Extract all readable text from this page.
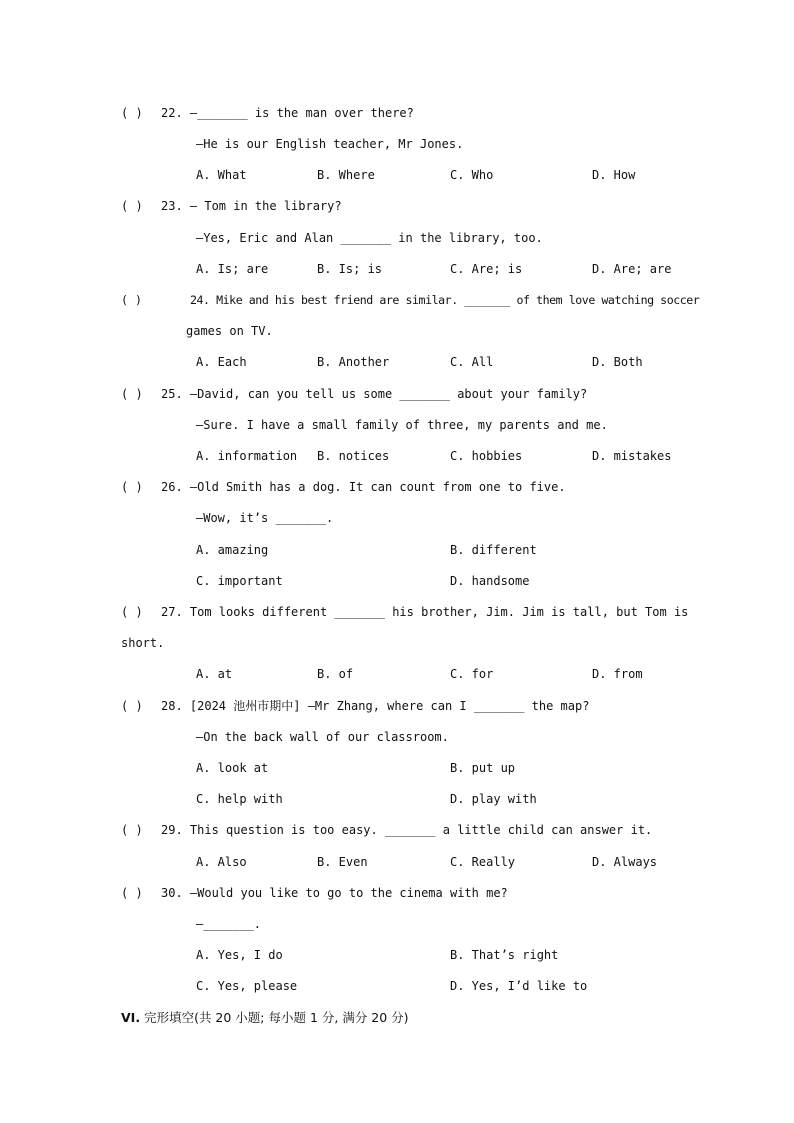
( ) 22. —_______ is the man over there?
—He is our English teacher, Mr Jones.
A. What	B. Where	C. Who	D. How
( ) 23. — Tom in the library?
—Yes, Eric and Alan _______ in the library, too.
A. Is; are	B. Is; is	C. Are; is	D. Are; are
( )	24. Mike and his best friend are similar. _______ of them love watching soccer
games on TV.
A. Each	B. Another	C. All	D. Both
( ) 25. —David, can you tell us some _______ about your family?
—Sure. I have a small family of three, my parents and me.
A. information B. notices	C. hobbies	D. mistakes
( ) 26. —Old Smith has a dog. It can count from one to five.
—Wow, it’s _______.
A. amazing	B. different
C. important	D. handsome
( ) 27. Tom looks different _______ his brother, Jim. Jim is tall, but Tom is
short.
A. at	B. of	C. for	D. from
( ) 28. [2024 池州市期中] —Mr Zhang, where can I _______ the map?
—On the back wall of our classroom.
A. look at	B. put up
C. help with	D. play with
( ) 29. This question is too easy. _______ a little child can answer it.
A. Also	B. Even	C. Really	D. Always
( ) 30. —Would you like to go to the cinema with me?
—_______.
A. Yes, I do	B. That’s right
C. Yes, please	D. Yes, I’d like to
VI. 完形填空(共 20 小题; 每小题 1 分, 满分 20 分)
